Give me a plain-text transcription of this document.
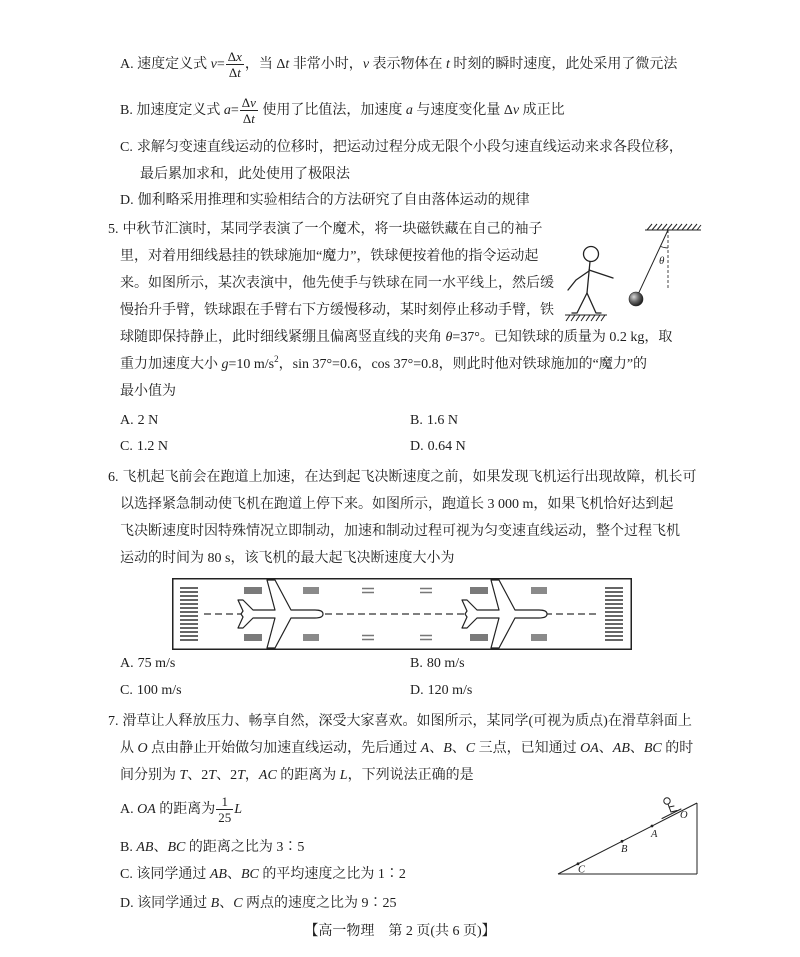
A. 速度定义式 $v= \frac{\Delta x}{\Delta t}$ ，当 Δt 非常小时，v 表示物体在 t 时刻的瞬时速度，此处采用了微元法
B. 加速度定义式 $a= \frac{\Delta v}{\Delta t}$ 使用了比值法，加速度 a 与速度变化量 Δv 成正比
C. 求解匀变速直线运动的位移时，把运动过程分成无限个小段匀速直线运动来求各段位移，
最后累加求和，此处使用了极限法
D. 伽利略采用推理和实验相结合的方法研究了自由落体运动的规律
5. 中秋节汇演时，某同学表演了一个魔术，将一块磁铁藏在自己的袖子
里，对着用细线悬挂的铁球施加“魔力”，铁球便按着他的指令运动起
来。如图所示，某次表演中，他先使手与铁球在同一水平线上，然后缓
慢抬升手臂，铁球跟在手臂右下方缓慢移动，某时刻停止移动手臂，铁
球随即保持静止，此时细线紧绷且偏离竖直线的夹角 θ=37°。已知铁球的质量为 0.2 kg，取
重力加速度大小 g=10 $m/s^2$，sin 37°=0.6，cos 37°=0.8，则此时他对铁球施加的“魔力”的
最小值为
θ
A. 2 N	B. 1.6 N
C. 1.2 N	D. 0.64 N
6. 飞机起飞前会在跑道上加速，在达到起飞决断速度之前，如果发现飞机运行出现故障，机长可
以选择紧急制动使飞机在跑道上停下来。如图所示，跑道长 3 000 m，如果飞机恰好达到起
飞决断速度时因特殊情况立即制动，加速和制动过程可视为匀变速直线运动，整个过程飞机
运动的时间为 80 s，该飞机的最大起飞决断速度大小为
A. 75 m/s	B. 80 m/s
C. 100 m/s	D. 120 m/s
7. 滑草让人释放压力、畅享自然，深受大家喜欢。如图所示，某同学(可视为质点)在滑草斜面上
从 O 点由静止开始做匀加速直线运动，先后通过 A、B、C 三点，已知通过 OA、AB、BC 的时
间分别为 T、2T、2T，AC 的距离为 L，下列说法正确的是
A. OA 的距离为 $\frac{1}{25}$ L
B. AB、BC 的距离之比为 3∶5
C. 该同学通过 AB、BC 的平均速度之比为 1∶2
D. 该同学通过 B、C 两点的速度之比为 9∶25
O
A
B
C
【高一物理　第 2 页(共 6 页)】
